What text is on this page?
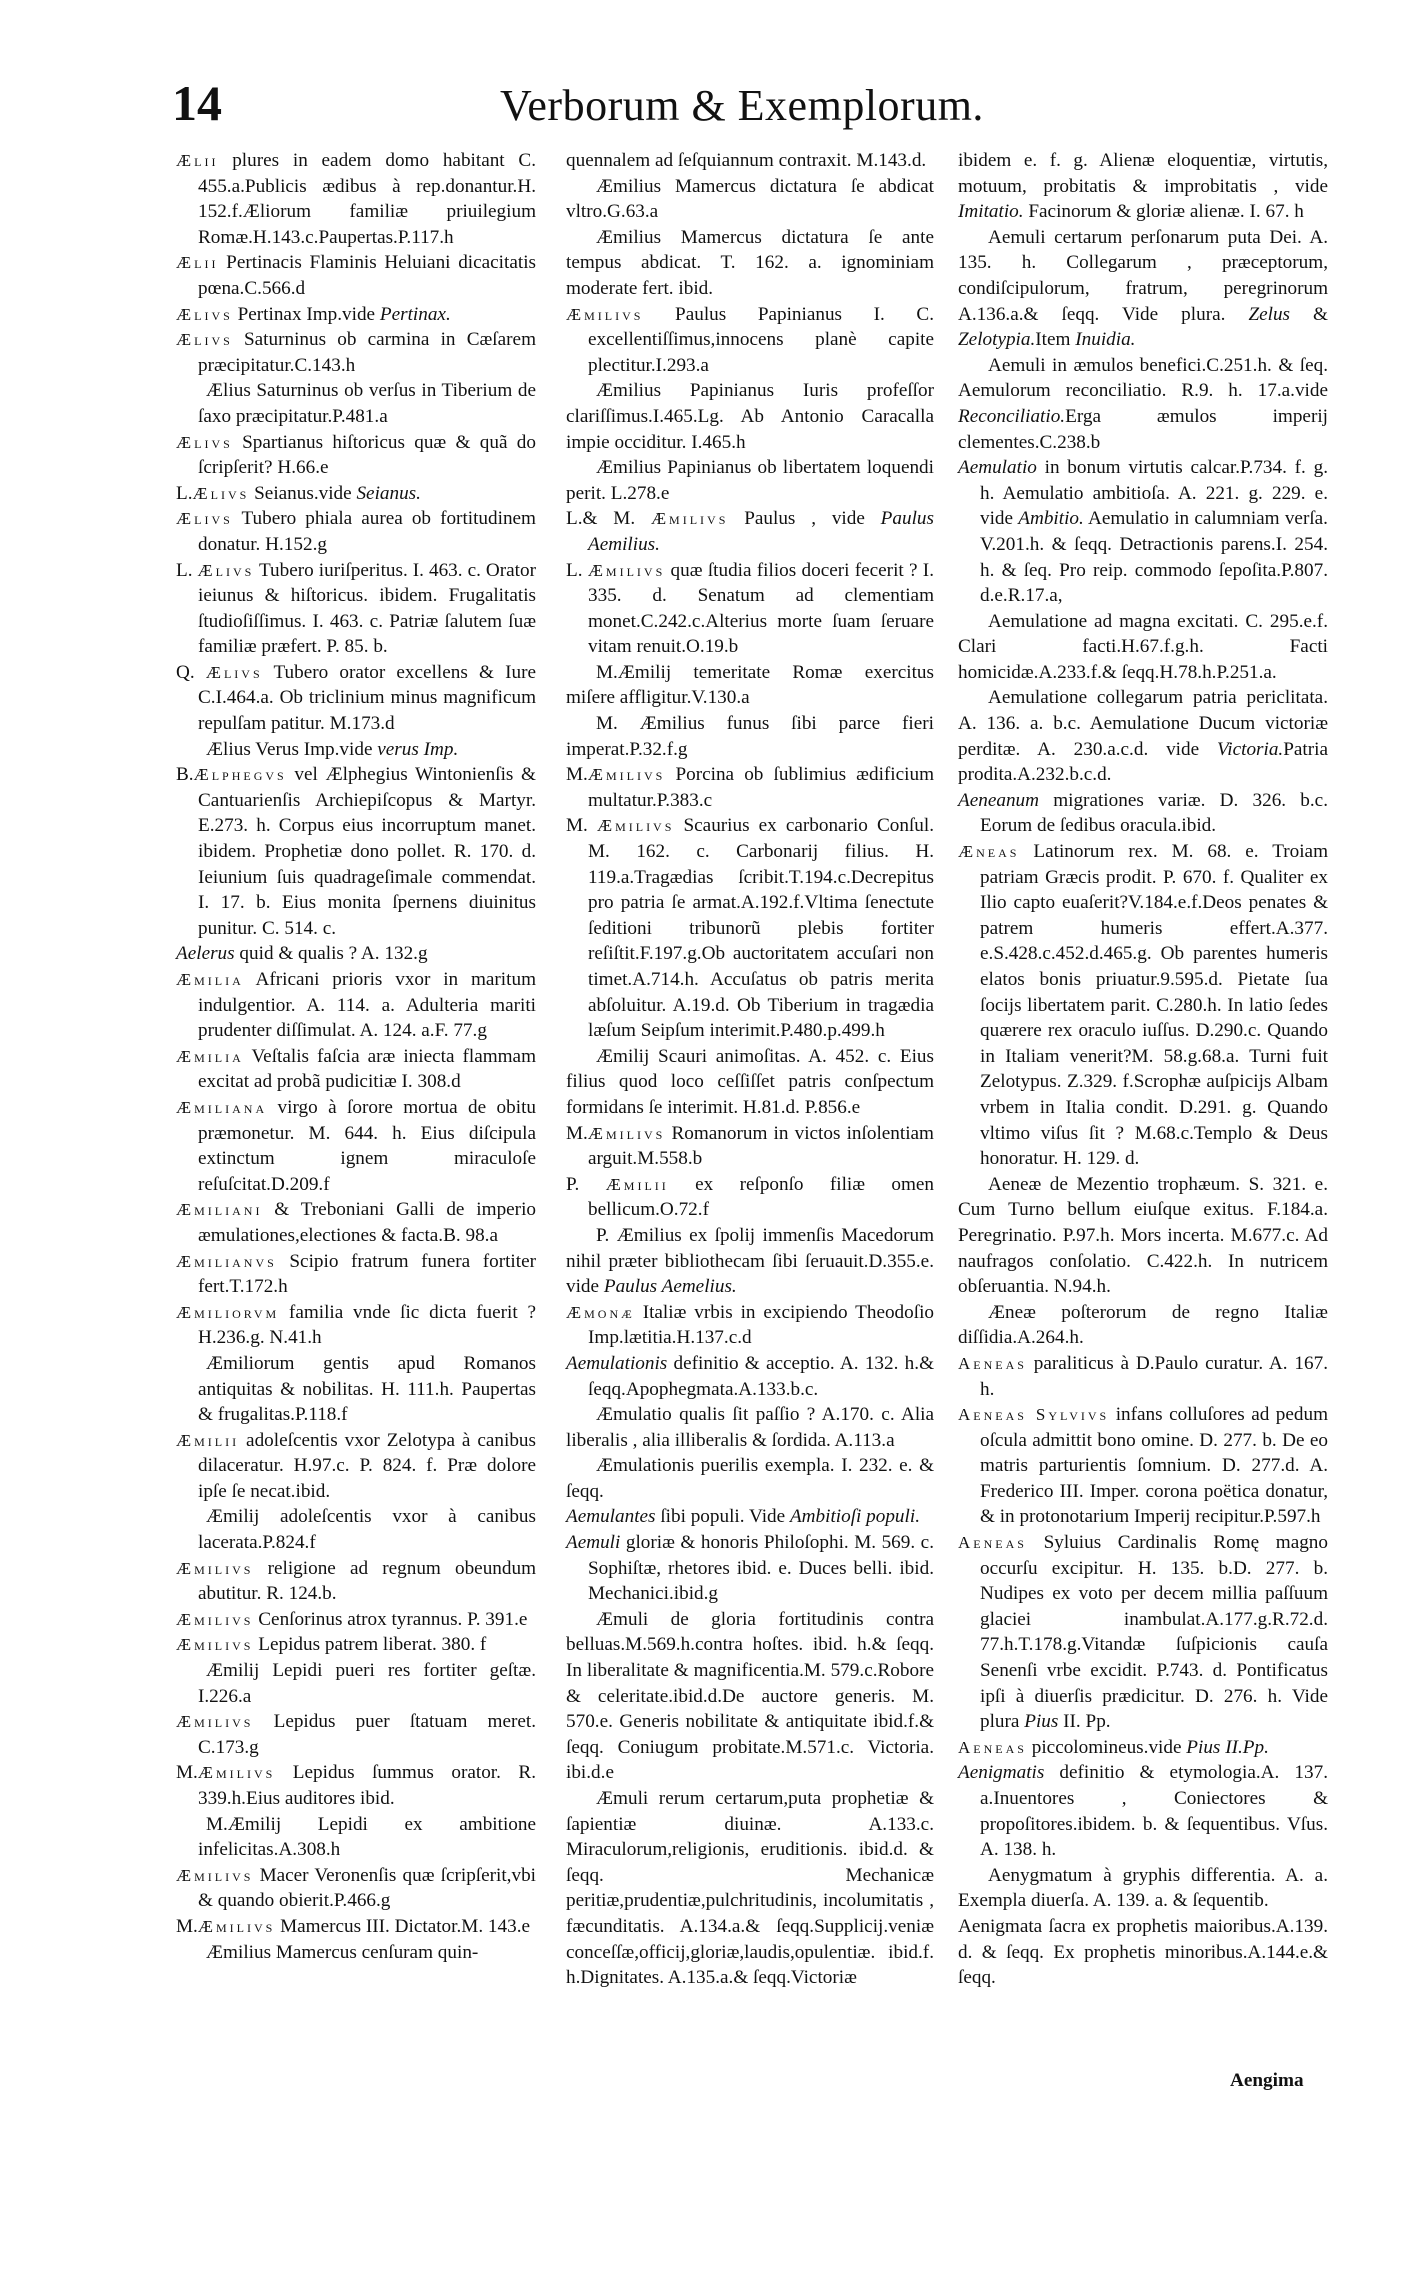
14	Verborum & Exemplorum.

Ælii plures in eadem domo habitant C. 455.a.Publicis ædibus à rep.donantur.H. 152.f.Æliorum familiæ priuilegium Romæ.H.143.c.Paupertas.P.117.h

Ælii Pertinacis Flaminis Heluiani dicacitatis pœna.C.566.d

Ælivs Pertinax Imp.vide Pertinax.

Ælivs Saturninus ob carmina in Cæſarem præcipitatur.C.143.h

Ælius Saturninus ob verſus in Tiberium de ſaxo præcipitatur.P.481.a

Ælivs Spartianus hiſtoricus quæ & quã do ſcripſerit? H.66.e

L.Ælivs Seianus.vide Seianus.

Ælivs Tubero phiala aurea ob fortitudinem donatur. H.152.g

L. Ælivs Tubero iuriſperitus. I. 463. c. Orator ieiunus & hiſtoricus. ibidem. Frugalitatis ſtudioſiſſimus. I. 463. c. Patriæ ſalutem ſuæ familiæ præfert. P. 85. b.

Q. Ælivs Tubero orator excellens & Iure C.I.464.a. Ob triclinium minus magnificum repulſam patitur. M.173.d

Ælius Verus Imp.vide verus Imp.

B.Ælphegvs vel Ælphegius Wintonienſis & Cantuarienſis Archiepiſcopus & Martyr. E.273. h. Corpus eius incorruptum manet. ibidem. Prophetiæ dono pollet. R. 170. d. Ieiunium ſuis quadrageſimale commendat. I. 17. b. Eius monita ſpernens diuinitus punitur. C. 514. c.

Aelerus quid & qualis ? A. 132.g

Æmilia Africani prioris vxor in maritum indulgentior. A. 114. a. Adulteria mariti prudenter diſſimulat. A. 124. a.F. 77.g

Æmilia Veſtalis faſcia aræ iniecta flammam excitat ad probã pudicitiæ I. 308.d

Æmiliana virgo à ſorore mortua de obitu præmonetur. M. 644. h. Eius diſcipula extinctum ignem miraculoſe reſuſcitat.D.209.f

Æmiliani & Treboniani Galli de imperio æmulationes,electiones & facta.B. 98.a

Æmilianvs Scipio fratrum funera fortiter fert.T.172.h

Æmiliorvm familia vnde ſic dicta fuerit ? H.236.g. N.41.h

Æmiliorum gentis apud Romanos antiquitas & nobilitas. H. 111.h. Paupertas & frugalitas.P.118.f

Æmilii adoleſcentis vxor Zelotypa à canibus dilaceratur. H.97.c. P. 824. f. Præ dolore ipſe ſe necat.ibid.

Æmilij adoleſcentis vxor à canibus lacerata.P.824.f

Æmilivs religione ad regnum obeundum abutitur. R. 124.b.

Æmilivs Cenſorinus atrox tyrannus. P. 391.e

Æmilivs Lepidus patrem liberat. 380. f

Æmilij Lepidi pueri res fortiter geſtæ. I.226.a

Æmilivs Lepidus puer ſtatuam meret. C.173.g

M.Æmilivs Lepidus ſummus orator. R. 339.h.Eius auditores ibid.

M.Æmilij Lepidi ex ambitione infelicitas.A.308.h

Æmilivs Macer Veronenſis quæ ſcripſerit,vbi & quando obierit.P.466.g

M.Æmilivs Mamercus III. Dictator.M. 143.e

Æmilius Mamercus cenſuram quin-

quennalem ad ſeſquiannum contraxit. M.143.d.

Æmilius Mamercus dictatura ſe abdicat vltro.G.63.a

Æmilius Mamercus dictatura ſe ante tempus abdicat. T. 162. a. ignominiam moderate fert. ibid.

Æmilivs Paulus Papinianus I. C. excellentiſſimus,innocens planè capite plectitur.I.293.a

Æmilius Papinianus Iuris profeſſor clariſſimus.I.465.Lg. Ab Antonio Caracalla impie occiditur. I.465.h

Æmilius Papinianus ob libertatem loquendi perit. L.278.e

L.& M. Æmilivs Paulus , vide Paulus Aemilius.

L. Æmilivs quæ ſtudia filios doceri fecerit ? I. 335. d. Senatum ad clementiam monet.C.242.c.Alterius morte ſuam ſeruare vitam renuit.O.19.b

M.Æmilij temeritate Romæ exercitus miſere affligitur.V.130.a

M. Æmilius funus ſibi parce fieri imperat.P.32.f.g

M.Æmilivs Porcina ob ſublimius ædificium multatur.P.383.c

M. Æmilivs Scaurius ex carbonario Conſul. M. 162. c. Carbonarij filius. H. 119.a.Tragædias ſcribit.T.194.c.Decrepitus pro patria ſe armat.A.192.f.Vltima ſenectute ſeditioni tribunorũ plebis fortiter reſiſtit.F.197.g.Ob auctoritatem accuſari non timet.A.714.h. Accuſatus ob patris merita abſoluitur. A.19.d. Ob Tiberium in tragædia læſum Seipſum interimit.P.480.p.499.h

Æmilij Scauri animoſitas. A. 452. c. Eius filius quod loco ceſſiſſet patris conſpectum formidans ſe interimit. H.81.d. P.856.e

M.Æmilivs Romanorum in victos inſolentiam arguit.M.558.b

P. Æmilii ex reſponſo filiæ omen bellicum.O.72.f

P. Æmilius ex ſpolij immenſis Macedorum nihil præter bibliothecam ſibi ſeruauit.D.355.e. vide Paulus Aemelius.

Æmonæ Italiæ vrbis in excipiendo Theodoſio Imp.lætitia.H.137.c.d

Aemulationis definitio & acceptio. A. 132. h.& ſeqq.Apophegmata.A.133.b.c.

Æmulatio qualis ſit paſſio ? A.170. c. Alia liberalis , alia illiberalis & ſordida. A.113.a

Æmulationis puerilis exempla. I. 232. e. & ſeqq.

Aemulantes ſibi populi. Vide Ambitioſi populi.

Aemuli gloriæ & honoris Philoſophi. M. 569. c. Sophiſtæ, rhetores ibid. e. Duces belli. ibid. Mechanici.ibid.g

Æmuli de gloria fortitudinis contra belluas.M.569.h.contra hoſtes. ibid. h.& ſeqq. In liberalitate & magnificentia.M. 579.c.Robore & celeritate.ibid.d.De auctore generis. M. 570.e. Generis nobilitate & antiquitate ibid.f.& ſeqq. Coniugum probitate.M.571.c. Victoria. ibi.d.e

Æmuli rerum certarum,puta prophetiæ & ſapientiæ diuinæ. A.133.c. Miraculorum,religionis, eruditionis. ibid.d. & ſeqq. Mechanicæ peritiæ,prudentiæ,pulchritudinis, incolumitatis , fæcunditatis. A.134.a.& ſeqq.Supplicij.veniæ conceſſæ,officij,gloriæ,laudis,opulentiæ. ibid.f. h.Dignitates. A.135.a.& ſeqq.Victoriæ

ibidem e. f. g. Alienæ eloquentiæ, virtutis, motuum, probitatis & improbitatis , vide Imitatio. Facinorum & gloriæ alienæ. I. 67. h

Aemuli certarum perſonarum puta Dei. A. 135. h. Collegarum , præceptorum, condiſcipulorum, fratrum, peregrinorum A.136.a.& ſeqq. Vide plura. Zelus & Zelotypia.Item Inuidia.

Aemuli in æmulos benefici.C.251.h. & ſeq. Aemulorum reconciliatio. R.9. h. 17.a.vide Reconciliatio.Erga æmulos imperij clementes.C.238.b

Aemulatio in bonum virtutis calcar.P.734. f. g. h. Aemulatio ambitioſa. A. 221. g. 229. e. vide Ambitio. Aemulatio in calumniam verſa. V.201.h. & ſeqq. Detractionis parens.I. 254. h. & ſeq. Pro reip. commodo ſepoſita.P.807. d.e.R.17.a,

Aemulatione ad magna excitati. C. 295.e.f. Clari facti.H.67.f.g.h. Facti homicidæ.A.233.f.& ſeqq.H.78.h.P.251.a.

Aemulatione collegarum patria periclitata. A. 136. a. b.c. Aemulatione Ducum victoriæ perditæ. A. 230.a.c.d. vide Victoria.Patria prodita.A.232.b.c.d.

Aeneanum migrationes variæ. D. 326. b.c. Eorum de ſedibus oracula.ibid.

Æneas Latinorum rex. M. 68. e. Troiam patriam Græcis prodit. P. 670. f. Qualiter ex Ilio capto euaſerit?V.184.e.f.Deos penates & patrem humeris effert.A.377. e.S.428.c.452.d.465.g. Ob parentes humeris elatos bonis priuatur.9.595.d. Pietate ſua ſocijs libertatem parit. C.280.h. In latio ſedes quærere rex oraculo iuſſus. D.290.c. Quando in Italiam venerit?M. 58.g.68.a. Turni fuit Zelotypus. Z.329. f.Scrophæ auſpicijs Albam vrbem in Italia condit. D.291. g. Quando vltimo viſus ſit ? M.68.c.Templo & Deus honoratur. H. 129. d.

Aeneæ de Mezentio trophæum. S. 321. e. Cum Turno bellum eiuſque exitus. F.184.a. Peregrinatio. P.97.h. Mors incerta. M.677.c. Ad naufragos conſolatio. C.422.h. In nutricem obſeruantia. N.94.h.

Æneæ poſterorum de regno Italiæ diſſidia.A.264.h.

Aeneas paraliticus à D.Paulo curatur. A. 167. h.

Aeneas Sylvivs infans colluſores ad pedum oſcula admittit bono omine. D. 277. b. De eo matris parturientis ſomnium. D. 277.d. A. Frederico III. Imper. corona poëtica donatur, & in protonotarium Imperij recipitur.P.597.h

Aeneas Syluius Cardinalis Romę magno occurſu excipitur. H. 135. b.D. 277. b. Nudipes ex voto per decem millia paſſuum glaciei inambulat.A.177.g.R.72.d. 77.h.T.178.g.Vitandæ ſuſpicionis cauſa Senenſi vrbe excidit. P.743. d. Pontificatus ipſi à diuerſis prædicitur. D. 276. h. Vide plura Pius II. Pp.

Aeneas piccolomineus.vide Pius II.Pp.

Aenigmatis definitio & etymologia.A. 137. a.Inuentores , Coniectores & propoſitores.ibidem. b. & ſequentibus. Vſus. A. 138. h.

Aenygmatum à gryphis differentia. A. a. Exempla diuerſa. A. 139. a. & ſequentib.

Aenigmata ſacra ex prophetis maioribus.A.139. d. & ſeqq. Ex prophetis minoribus.A.144.e.& ſeqq.

Aengima
